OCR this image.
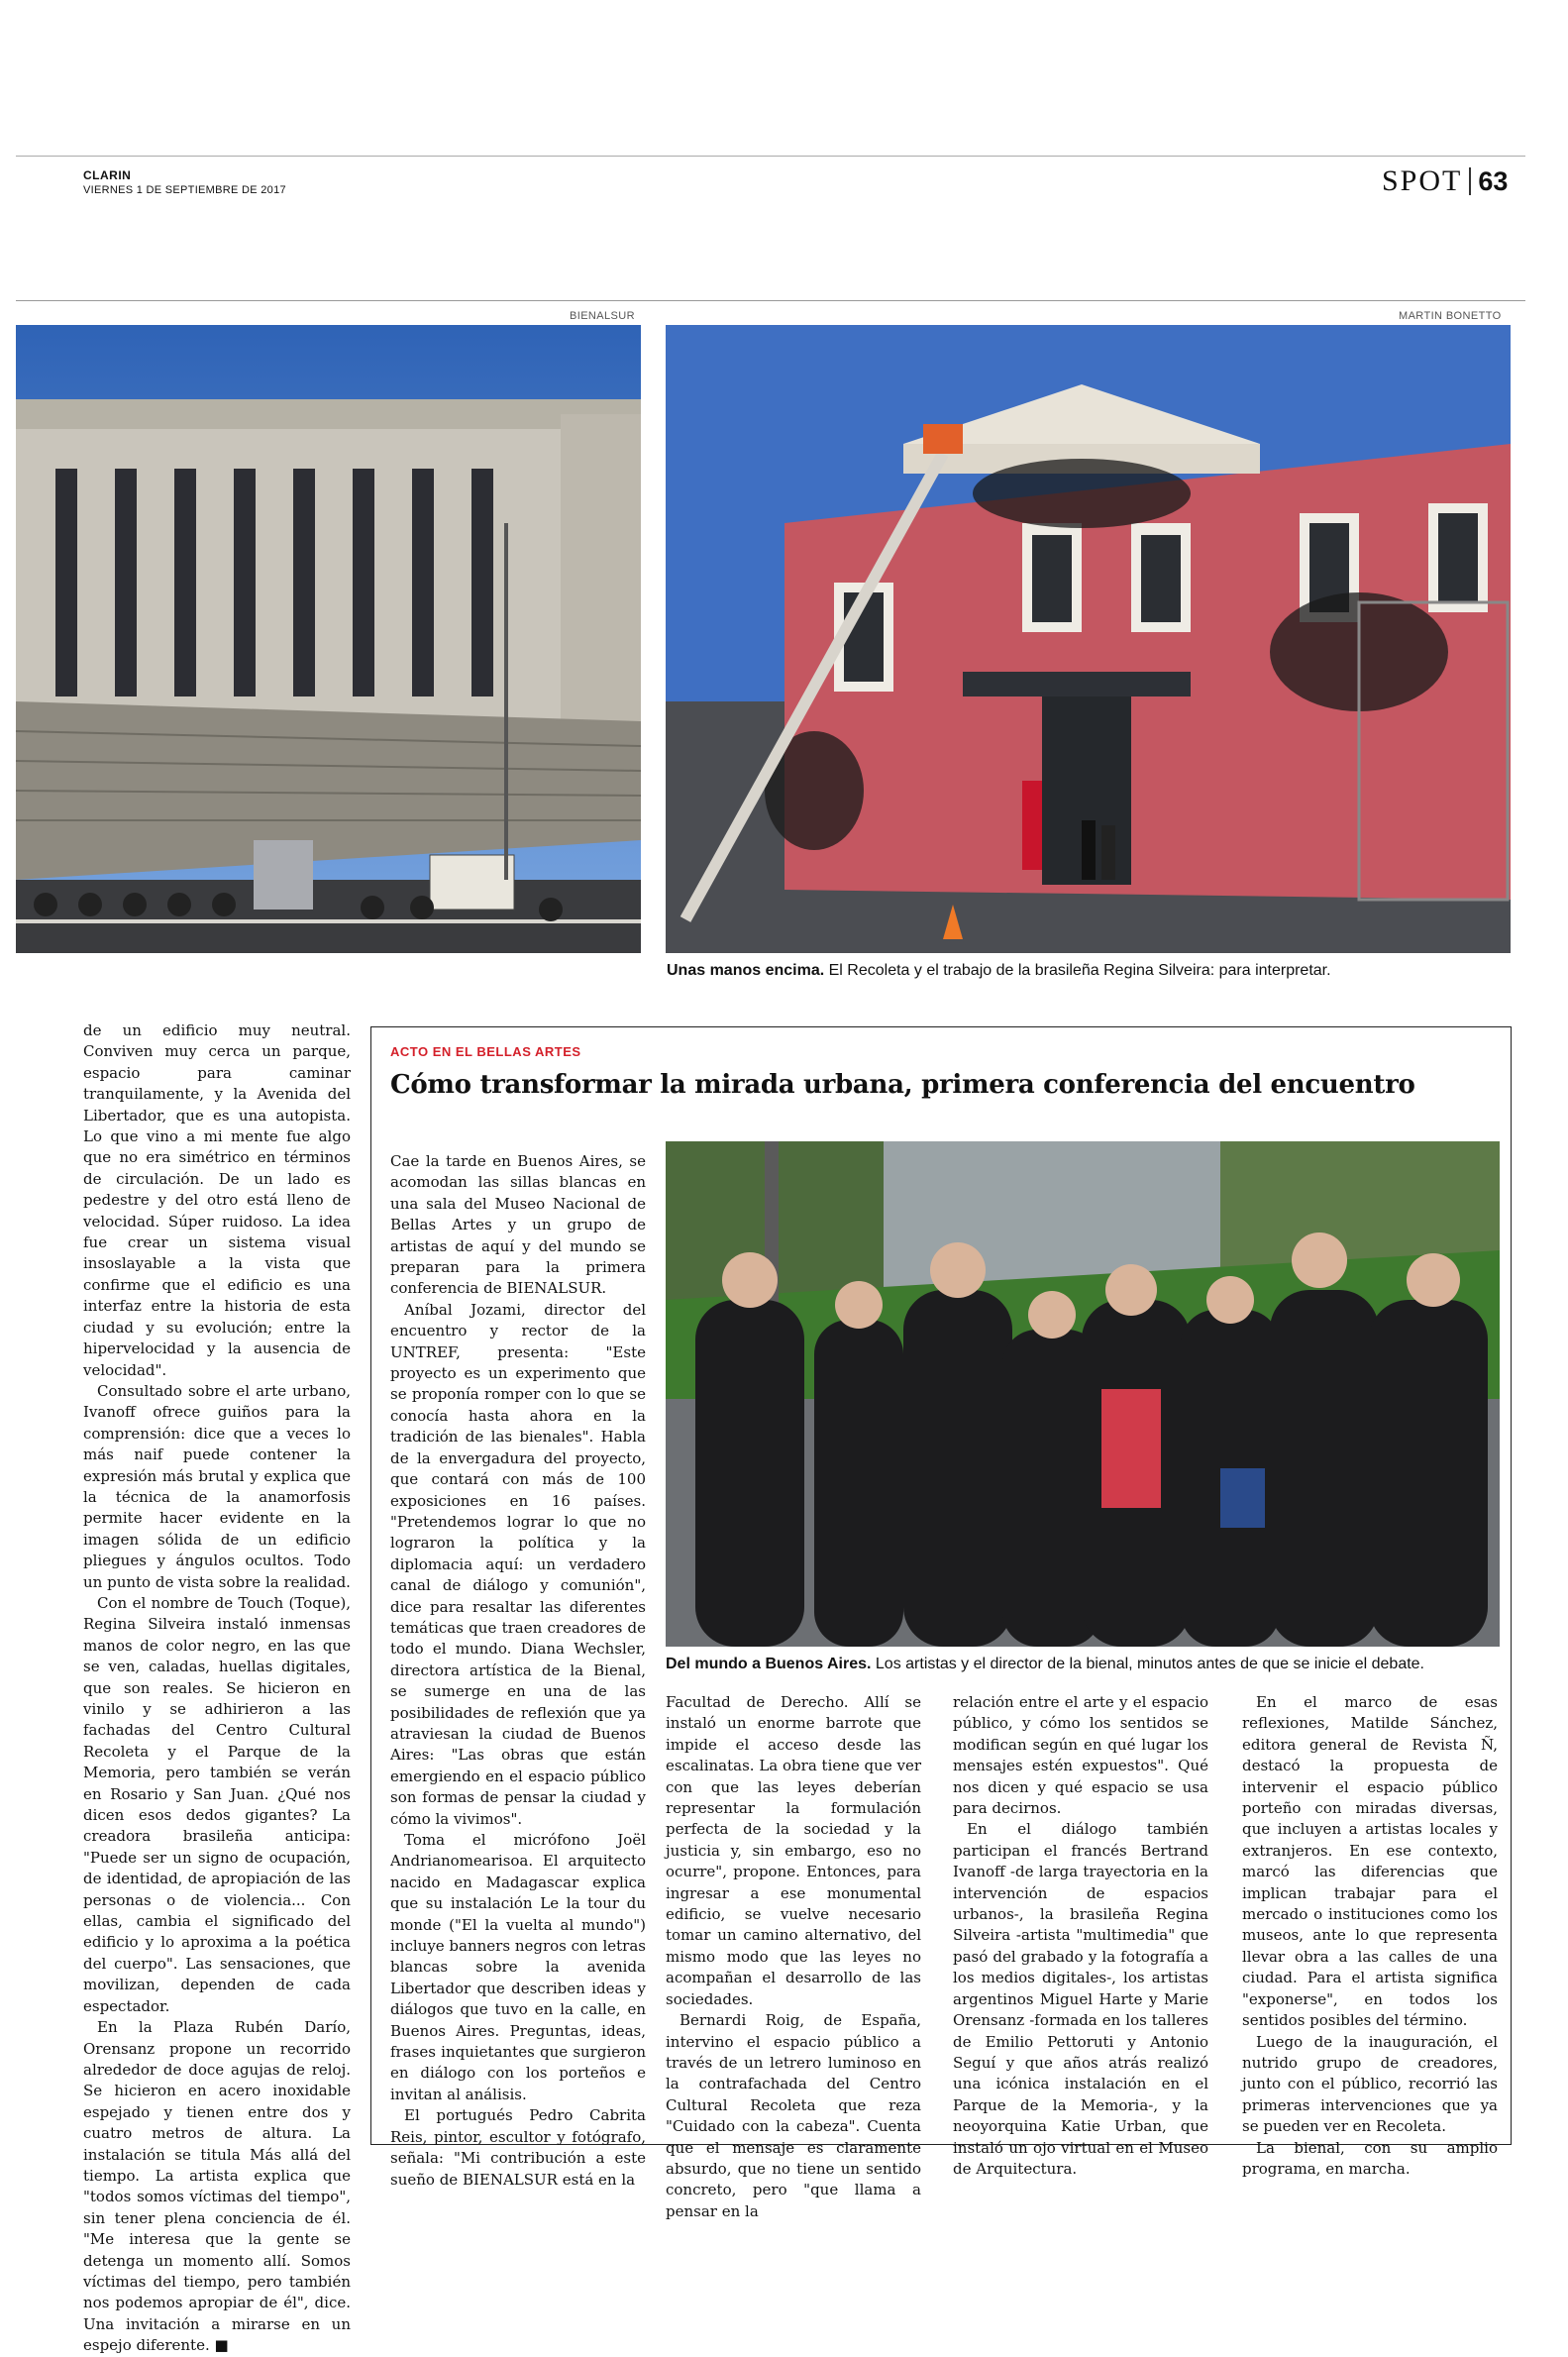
CLARIN
VIERNES 1 DE SEPTIEMBRE DE 2017	SPOT 63
BIENALSUR	MARTIN BONETTO
Unas manos encima. El Recoleta y el trabajo de la brasileña Regina Silveira: para interpretar.

de un edificio muy neutral. Conviven muy cerca un parque, espacio para caminar tranquilamente, y la Avenida del Libertador, que es una autopista. Lo que vino a mi mente fue algo que no era simétrico en términos de circulación. De un lado es pedestre y del otro está lleno de velocidad. Súper ruidoso. La idea fue crear un sistema visual insoslayable a la vista que confirme que el edificio es una interfaz entre la historia de esta ciudad y su evolución; entre la hipervelocidad y la ausencia de velocidad".

Consultado sobre el arte urbano, Ivanoff ofrece guiños para la comprensión: dice que a veces lo más naif puede contener la expresión más brutal y explica que la técnica de la anamorfosis permite hacer evidente en la imagen sólida de un edificio pliegues y ángulos ocultos. Todo un punto de vista sobre la realidad.

Con el nombre de Touch (Toque), Regina Silveira instaló inmensas manos de color negro, en las que se ven, caladas, huellas digitales, que son reales. Se hicieron en vinilo y se adhirieron a las fachadas del Centro Cultural Recoleta y el Parque de la Memoria, pero también se verán en Rosario y San Juan. ¿Qué nos dicen esos dedos gigantes? La creadora brasileña anticipa: "Puede ser un signo de ocupación, de identidad, de apropiación de las personas o de violencia... Con ellas, cambia el significado del edificio y lo aproxima a la poética del cuerpo". Las sensaciones, que movilizan, dependen de cada espectador.

En la Plaza Rubén Darío, Orensanz propone un recorrido alrededor de doce agujas de reloj. Se hicieron en acero inoxidable espejado y tienen entre dos y cuatro metros de altura. La instalación se titula Más allá del tiempo. La artista explica que "todos somos víctimas del tiempo", sin tener plena conciencia de él. "Me interesa que la gente se detenga un momento allí. Somos víctimas del tiempo, pero también nos podemos apropiar de él", dice. Una invitación a mirarse en un espejo diferente. ■

ACTO EN EL BELLAS ARTES
Cómo transformar la mirada urbana, primera conferencia del encuentro
Del mundo a Buenos Aires. Los artistas y el director de la bienal, minutos antes de que se inicie el debate.

Cae la tarde en Buenos Aires, se acomodan las sillas blancas en una sala del Museo Nacional de Bellas Artes y un grupo de artistas de aquí y del mundo se preparan para la primera conferencia de BIENALSUR.

Aníbal Jozami, director del encuentro y rector de la UNTREF, presenta: "Este proyecto es un experimento que se proponía romper con lo que se conocía hasta ahora en la tradición de las bienales". Habla de la envergadura del proyecto, que contará con más de 100 exposiciones en 16 países. "Pretendemos lograr lo que no lograron la política y la diplomacia aquí: un verdadero canal de diálogo y comunión", dice para resaltar las diferentes temáticas que traen creadores de todo el mundo. Diana Wechsler, directora artística de la Bienal, se sumerge en una de las posibilidades de reflexión que ya atraviesan la ciudad de Buenos Aires: "Las obras que están emergiendo en el espacio público son formas de pensar la ciudad y cómo la vivimos".

Toma el micrófono Joël Andrianomearisoa. El arquitecto nacido en Madagascar explica que su instalación Le la tour du monde ("El la vuelta al mundo") incluye banners negros con letras blancas sobre la avenida Libertador que describen ideas y diálogos que tuvo en la calle, en Buenos Aires. Preguntas, ideas, frases inquietantes que surgieron en diálogo con los porteños e invitan al análisis.

El portugués Pedro Cabrita Reis, pintor, escultor y fotógrafo, señala: "Mi contribución a este sueño de BIENALSUR está en la

Facultad de Derecho. Allí se instaló un enorme barrote que impide el acceso desde las escalinatas. La obra tiene que ver con que las leyes deberían representar la formulación perfecta de la sociedad y la justicia y, sin embargo, eso no ocurre", propone. Entonces, para ingresar a ese monumental edificio, se vuelve necesario tomar un camino alternativo, del mismo modo que las leyes no acompañan el desarrollo de las sociedades.

Bernardi Roig, de España, intervino el espacio público a través de un letrero luminoso en la contrafachada del Centro Cultural Recoleta que reza "Cuidado con la cabeza". Cuenta que el mensaje es claramente absurdo, que no tiene un sentido concreto, pero "que llama a pensar en la

relación entre el arte y el espacio público, y cómo los sentidos se modifican según en qué lugar los mensajes estén expuestos". Qué nos dicen y qué espacio se usa para decirnos.

En el diálogo también participan el francés Bertrand Ivanoff -de larga trayectoria en la intervención de espacios urbanos-, la brasileña Regina Silveira -artista "multimedia" que pasó del grabado y la fotografía a los medios digitales-, los artistas argentinos Miguel Harte y Marie Orensanz -formada en los talleres de Emilio Pettoruti y Antonio Seguí y que años atrás realizó una icónica instalación en el Parque de la Memoria-, y la neoyorquina Katie Urban, que instaló un ojo virtual en el Museo de Arquitectura.

En el marco de esas reflexiones, Matilde Sánchez, editora general de Revista Ñ, destacó la propuesta de intervenir el espacio público porteño con miradas diversas, que incluyen a artistas locales y extranjeros. En ese contexto, marcó las diferencias que implican trabajar para el mercado o instituciones como los museos, ante lo que representa llevar obra a las calles de una ciudad. Para el artista significa "exponerse", en todos los sentidos posibles del término.

Luego de la inauguración, el nutrido grupo de creadores, junto con el público, recorrió las primeras intervenciones que ya se pueden ver en Recoleta.

La bienal, con su amplio programa, en marcha.
